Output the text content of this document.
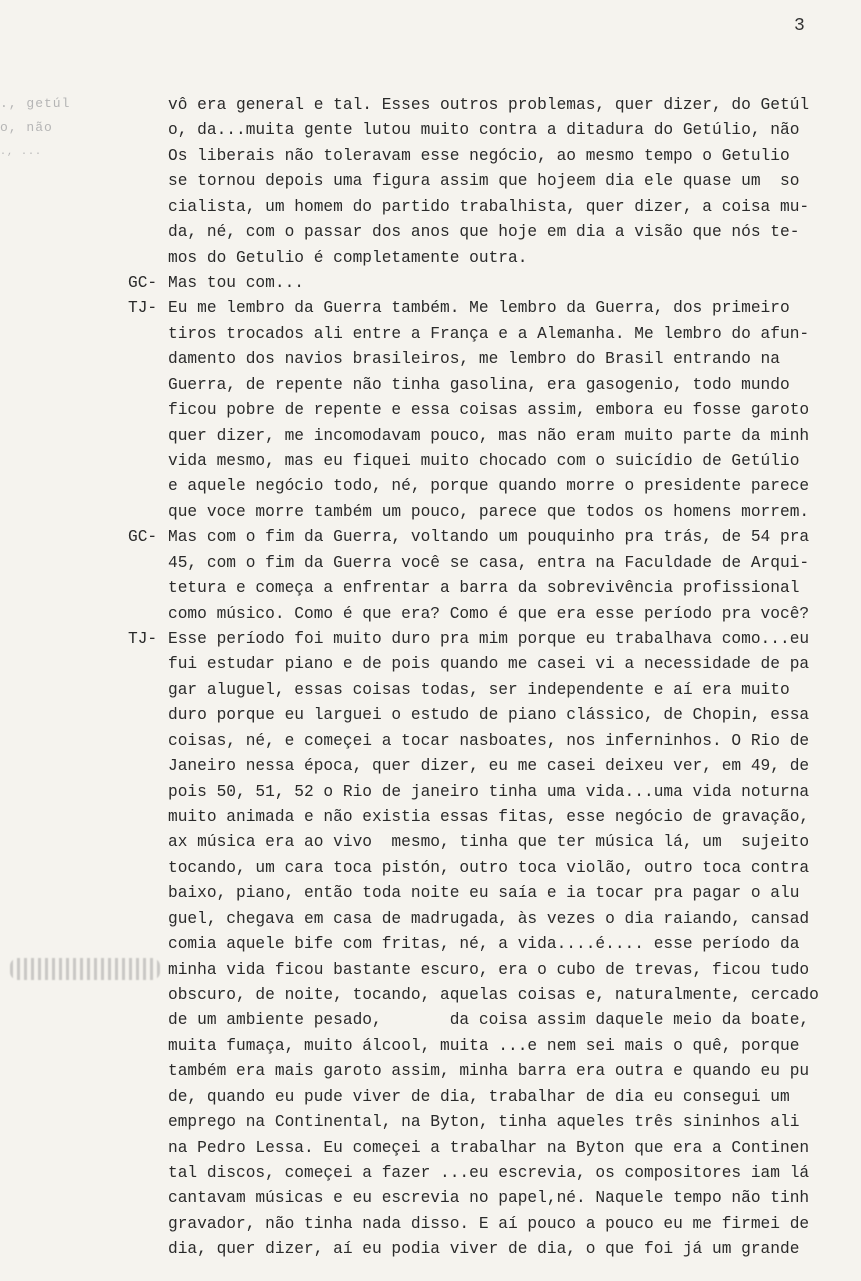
3
., getúl
o, não
., ...
vô era general e tal. Esses outros problemas, quer dizer, do Getúl
o, da...muita gente lutou muito contra a ditadura do Getúlio, não
Os liberais não toleravam esse negócio, ao mesmo tempo o Getulio
se tornou depois uma figura assim que hojeem dia ele quase um  so
cialista, um homem do partido trabalhista, quer dizer, a coisa mu-
da, né, com o passar dos anos que hoje em dia a visão que nós te-
mos do Getulio é completamente outra.
GC- Mas tou com...
TJ- Eu me lembro da Guerra também. Me lembro da Guerra, dos primeiro
tiros trocados ali entre a França e a Alemanha. Me lembro do afun-
damento dos navios brasileiros, me lembro do Brasil entrando na
Guerra, de repente não tinha gasolina, era gasogenio, todo mundo
ficou pobre de repente e essa coisas assim, embora eu fosse garoto
quer dizer, me incomodavam pouco, mas não eram muito parte da minh
vida mesmo, mas eu fiquei muito chocado com o suicídio de Getúlio
e aquele negócio todo, né, porque quando morre o presidente parece
que voce morre também um pouco, parece que todos os homens morrem.
GC- Mas com o fim da Guerra, voltando um pouquinho pra trás, de 54 pra
45, com o fim da Guerra você se casa, entra na Faculdade de Arqui-
tetura e começa a enfrentar a barra da sobrevivência profissional
como músico. Como é que era? Como é que era esse período pra você?
TJ- Esse período foi muito duro pra mim porque eu trabalhava como...eu
fui estudar piano e de pois quando me casei vi a necessidade de pa
gar aluguel, essas coisas todas, ser independente e aí era muito
duro porque eu larguei o estudo de piano clássico, de Chopin, essa
coisas, né, e começei a tocar nasboates, nos inferninhos. O Rio de
Janeiro nessa época, quer dizer, eu me casei deixeu ver, em 49, de
pois 50, 51, 52 o Rio de janeiro tinha uma vida...uma vida noturna
muito animada e não existia essas fitas, esse negócio de gravação,
ax música era ao vivo  mesmo, tinha que ter música lá, um  sujeito
tocando, um cara toca pistón, outro toca violão, outro toca contra
baixo, piano, então toda noite eu saía e ia tocar pra pagar o alu
guel, chegava em casa de madrugada, às vezes o dia raiando, cansad
comia aquele bife com fritas, né, a vida....é.... esse período da
minha vida ficou bastante escuro, era o cubo de trevas, ficou tudo
obscuro, de noite, tocando, aquelas coisas e, naturalmente, cercado
de um ambiente pesado,       da coisa assim daquele meio da boate,
muita fumaça, muito álcool, muita ...e nem sei mais o quê, porque
também era mais garoto assim, minha barra era outra e quando eu pu
de, quando eu pude viver de dia, trabalhar de dia eu consegui um
emprego na Continental, na Byton, tinha aqueles três sininhos ali
na Pedro Lessa. Eu começei a trabalhar na Byton que era a Continen
tal discos, começei a fazer ...eu escrevia, os compositores iam lá
cantavam músicas e eu escrevia no papel,né. Naquele tempo não tinh
gravador, não tinha nada disso. E aí pouco a pouco eu me firmei de
dia, quer dizer, aí eu podia viver de dia, o que foi já um grande
